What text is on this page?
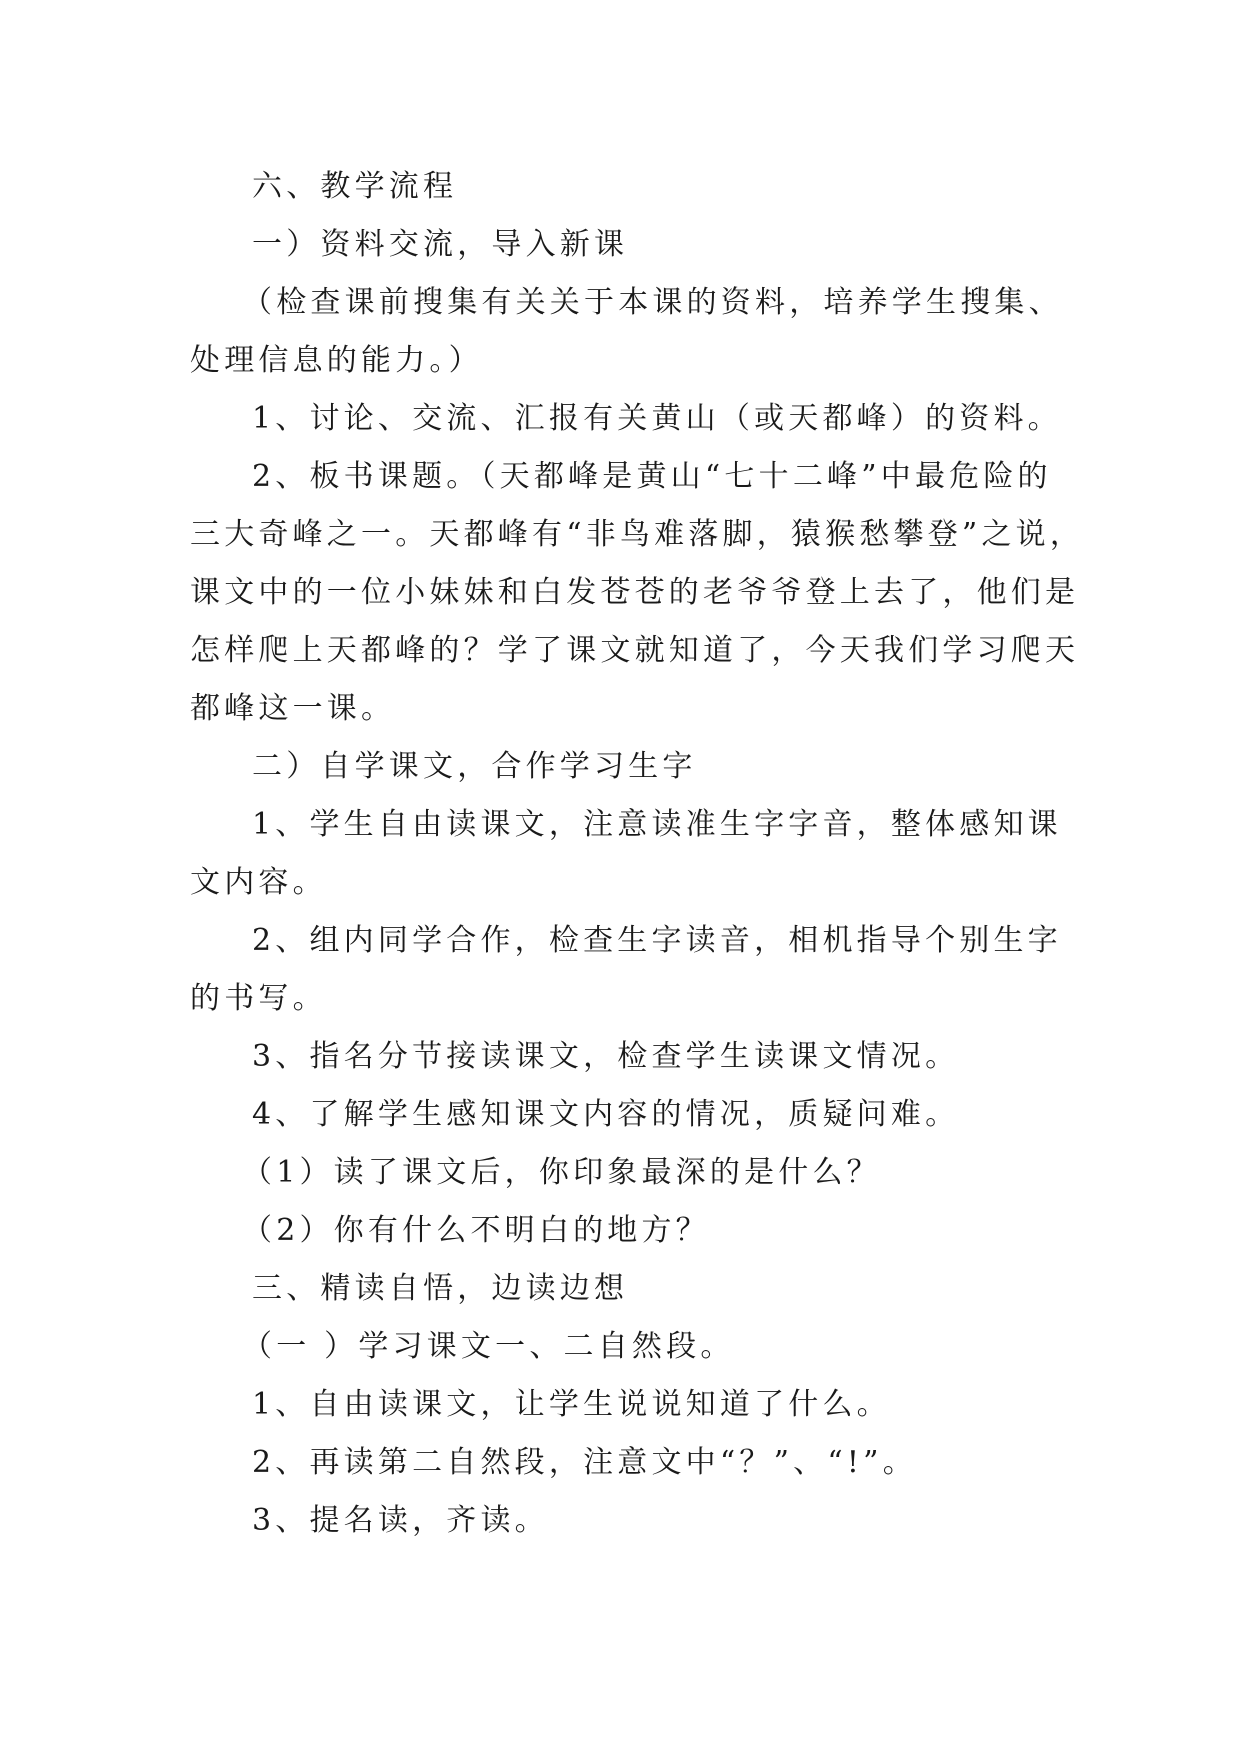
六、教学流程
一）资料交流，导入新课
（检查课前搜集有关关于本课的资料，培养学生搜集、
处理信息的能力。）
1、讨论、交流、汇报有关黄山（或天都峰）的资料。
2、板书课题。（天都峰是黄山“七十二峰”中最危险的
三大奇峰之一。天都峰有“非鸟难落脚，猿猴愁攀登”之说，
课文中的一位小妹妹和白发苍苍的老爷爷登上去了，他们是
怎样爬上天都峰的？学了课文就知道了，今天我们学习爬天
都峰这一课。
二）自学课文，合作学习生字
1、学生自由读课文，注意读准生字字音，整体感知课
文内容。
2、组内同学合作，检查生字读音，相机指导个别生字
的书写。
3、指名分节接读课文，检查学生读课文情况。
4、了解学生感知课文内容的情况，质疑问难。
（1）读了课文后，你印象最深的是什么？
（2）你有什么不明白的地方？
三、精读自悟，边读边想
（一 ）学习课文一、二自然段。
1、自由读课文，让学生说说知道了什么。
2、再读第二自然段，注意文中“？”、“!”。
3、提名读，齐读。
